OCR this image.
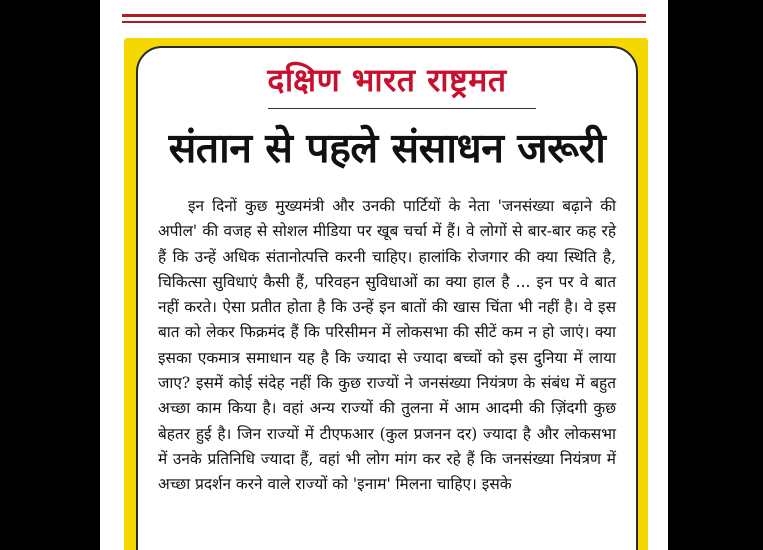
दक्षिण भारत राष्ट्रमत
संतान से पहले संसाधन जरूरी

इन दिनों कुछ मुख्यमंत्री और उनकी पार्टियों के नेता 'जनसंख्या बढ़ाने की अपील' की वजह से सोशल मीडिया पर खूब चर्चा में हैं। वे लोगों से बार-बार कह रहे हैं कि उन्हें अधिक संतानोत्पत्ति करनी चाहिए। हालांकि रोजगार की क्या स्थिति है, चिकित्सा सुविधाएं कैसी हैं, परिवहन सुविधाओं का क्या हाल है ... इन पर वे बात नहीं करते। ऐसा प्रतीत होता है कि उन्हें इन बातों की खास चिंता भी नहीं है। वे इस बात को लेकर फिक्रमंद हैं कि परिसीमन में लोकसभा की सीटें कम न हो जाएं। क्या इसका एकमात्र समाधान यह है कि ज्यादा से ज्यादा बच्चों को इस दुनिया में लाया जाए? इसमें कोई संदेह नहीं कि कुछ राज्यों ने जनसंख्या नियंत्रण के संबंध में बहुत अच्छा काम किया है। वहां अन्य राज्यों की तुलना में आम आदमी की ज़िंदगी कुछ बेहतर हुई है। जिन राज्यों में टीएफआर (कुल प्रजनन दर) ज्यादा है और लोकसभा में उनके प्रतिनिधि ज्यादा हैं, वहां भी लोग मांग कर रहे हैं कि जनसंख्या नियंत्रण में अच्छा प्रदर्शन करने वाले राज्यों को 'इनाम' मिलना चाहिए। इसके
